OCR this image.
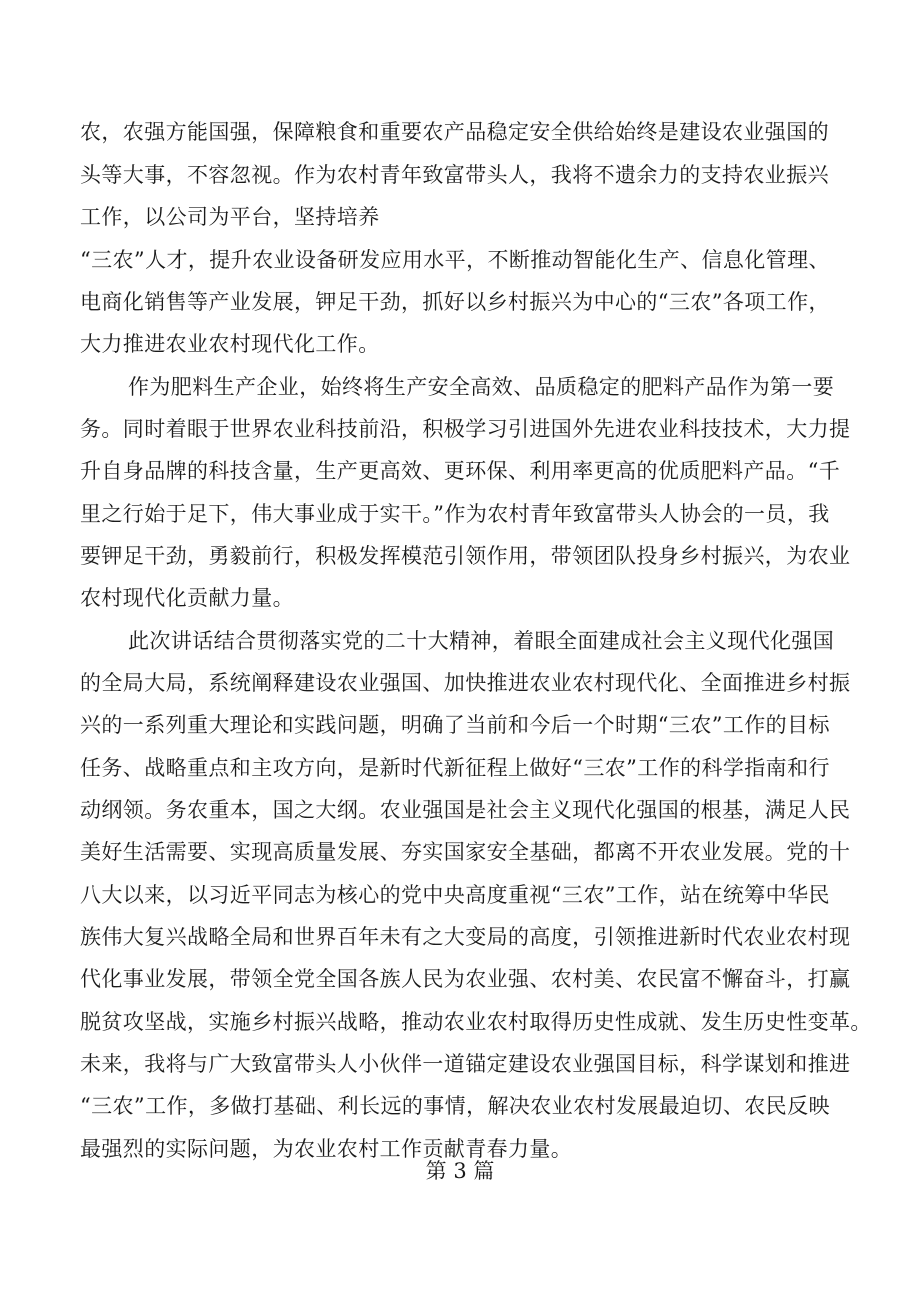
农，农强方能国强，保障粮食和重要农产品稳定安全供给始终是建设农业强国的
头等大事，不容忽视。作为农村青年致富带头人，我将不遗余力的支持农业振兴
工作，以公司为平台，坚持培养
“三农”人才，提升农业设备研发应用水平，不断推动智能化生产、信息化管理、
电商化销售等产业发展，钾足干劲，抓好以乡村振兴为中心的“三农”各项工作，
大力推进农业农村现代化工作。
作为肥料生产企业，始终将生产安全高效、品质稳定的肥料产品作为第一要
务。同时着眼于世界农业科技前沿，积极学习引进国外先进农业科技技术，大力提
升自身品牌的科技含量，生产更高效、更环保、利用率更高的优质肥料产品。“千
里之行始于足下，伟大事业成于实干。”作为农村青年致富带头人协会的一员，我
要钾足干劲，勇毅前行，积极发挥模范引领作用，带领团队投身乡村振兴，为农业
农村现代化贡献力量。
此次讲话结合贯彻落实党的二十大精神，着眼全面建成社会主义现代化强国
的全局大局，系统阐释建设农业强国、加快推进农业农村现代化、全面推进乡村振
兴的一系列重大理论和实践问题，明确了当前和今后一个时期“三农”工作的目标
任务、战略重点和主攻方向，是新时代新征程上做好“三农”工作的科学指南和行
动纲领。务农重本，国之大纲。农业强国是社会主义现代化强国的根基，满足人民
美好生活需要、实现高质量发展、夯实国家安全基础，都离不开农业发展。党的十
八大以来，以习近平同志为核心的党中央高度重视“三农”工作，站在统筹中华民
族伟大复兴战略全局和世界百年未有之大变局的高度，引领推进新时代农业农村现
代化事业发展，带领全党全国各族人民为农业强、农村美、农民富不懈奋斗，打赢
脱贫攻坚战，实施乡村振兴战略，推动农业农村取得历史性成就、发生历史性变革。
未来，我将与广大致富带头人小伙伴一道锚定建设农业强国目标，科学谋划和推进
“三农”工作，多做打基础、利长远的事情，解决农业农村发展最迫切、农民反映
最强烈的实际问题，为农业农村工作贡献青春力量。
第 3 篇
